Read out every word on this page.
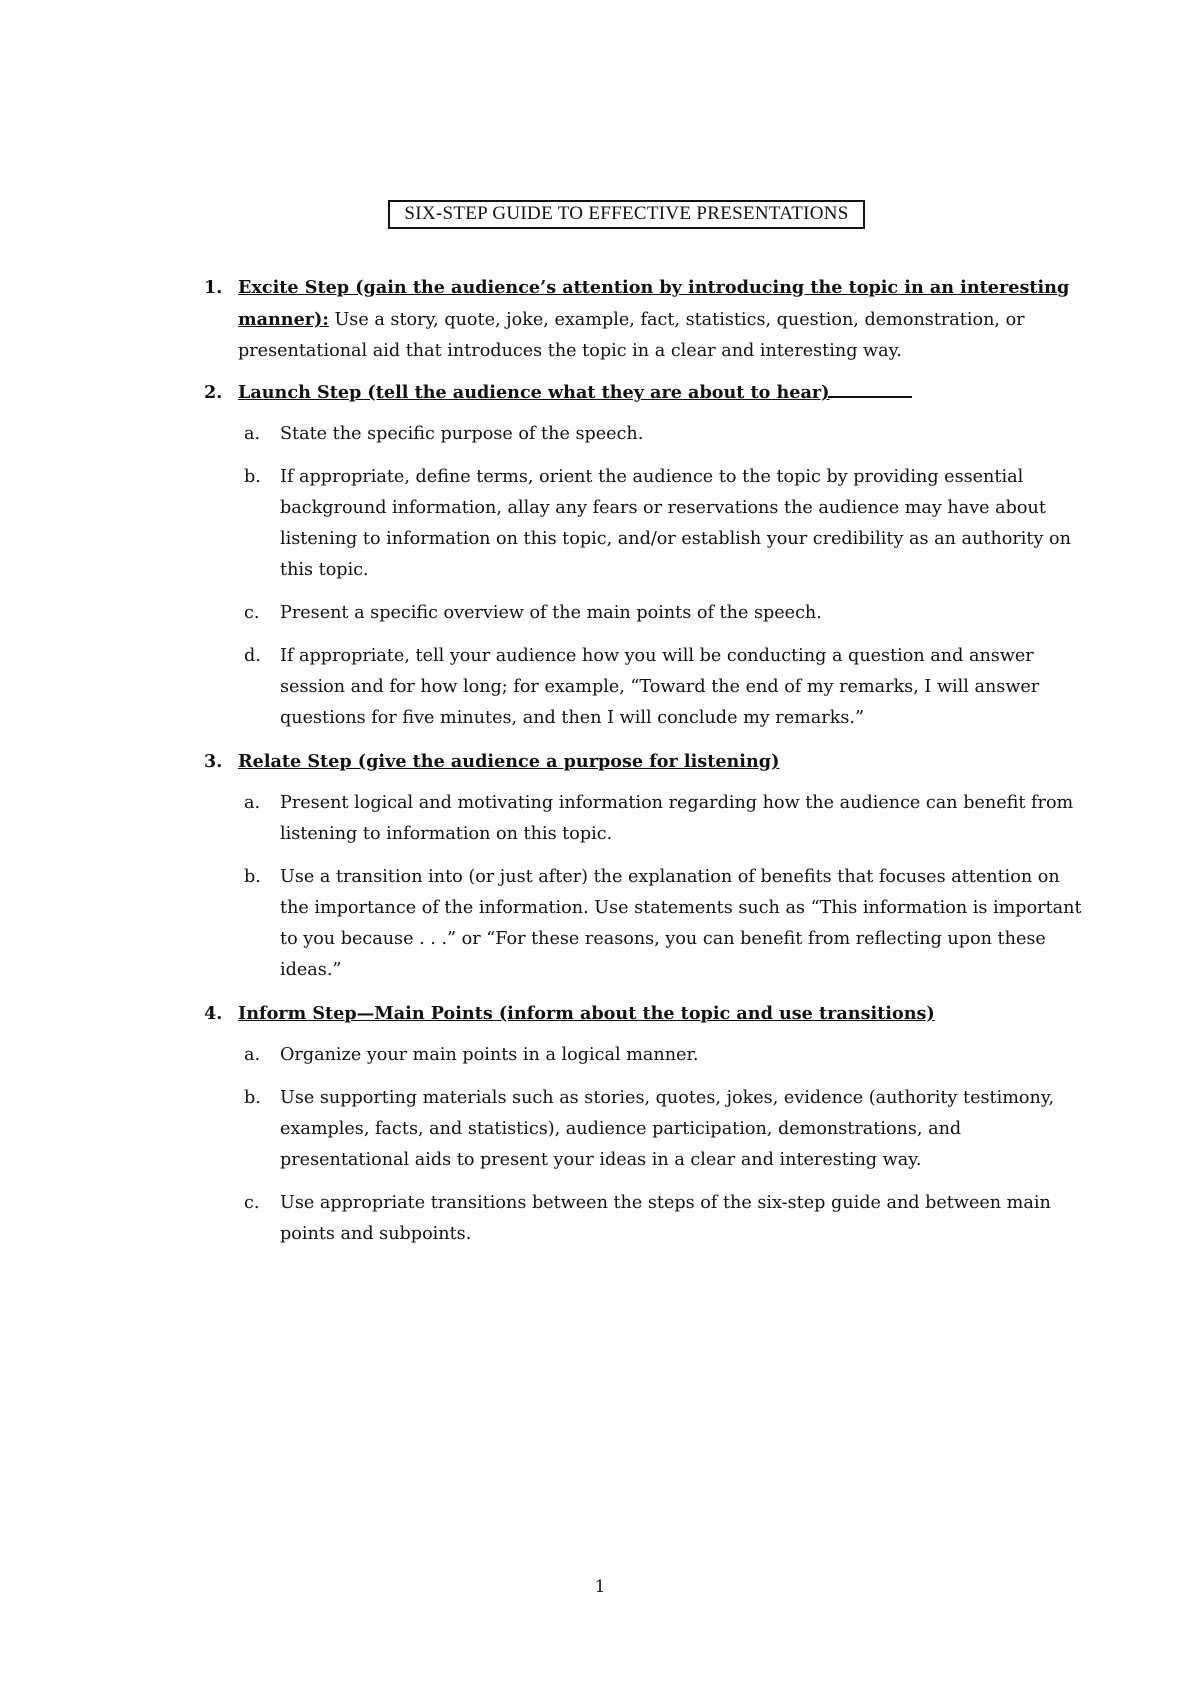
SIX-STEP GUIDE TO EFFECTIVE PRESENTATIONS
1. Excite Step (gain the audience’s attention by introducing the topic in an interesting manner): Use a story, quote, joke, example, fact, statistics, question, demonstration, or presentational aid that introduces the topic in a clear and interesting way.
2. Launch Step (tell the audience what they are about to hear)
a. State the specific purpose of the speech.
b. If appropriate, define terms, orient the audience to the topic by providing essential background information, allay any fears or reservations the audience may have about listening to information on this topic, and/or establish your credibility as an authority on this topic.
c. Present a specific overview of the main points of the speech.
d. If appropriate, tell your audience how you will be conducting a question and answer session and for how long; for example, “Toward the end of my remarks, I will answer questions for five minutes, and then I will conclude my remarks.”
3. Relate Step (give the audience a purpose for listening)
a. Present logical and motivating information regarding how the audience can benefit from listening to information on this topic.
b. Use a transition into (or just after) the explanation of benefits that focuses attention on the importance of the information. Use statements such as “This information is important to you because . . .” or “For these reasons, you can benefit from reflecting upon these ideas.”
4. Inform Step—Main Points (inform about the topic and use transitions)
a. Organize your main points in a logical manner.
b. Use supporting materials such as stories, quotes, jokes, evidence (authority testimony, examples, facts, and statistics), audience participation, demonstrations, and presentational aids to present your ideas in a clear and interesting way.
c. Use appropriate transitions between the steps of the six-step guide and between main points and subpoints.
1
